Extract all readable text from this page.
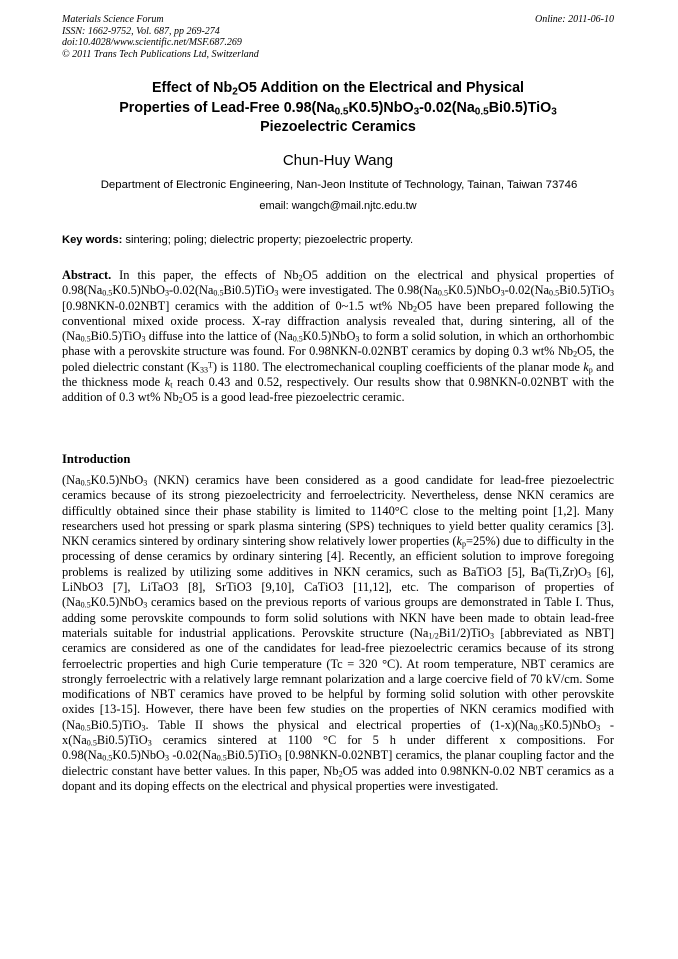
Materials Science Forum
ISSN: 1662-9752, Vol. 687, pp 269-274
doi:10.4028/www.scientific.net/MSF.687.269
© 2011 Trans Tech Publications Ltd, Switzerland
Online: 2011-06-10
Effect of $Nb_2O5$ Addition on the Electrical and Physical
Properties of Lead-Free $0.98(Na_{0.5}K0.5)NbO_3-0.02(Na_{0.5}Bi0.5)TiO_3$
Piezoelectric Ceramics
Chun-Huy Wang
Department of Electronic Engineering, Nan-Jeon Institute of Technology, Tainan, Taiwan 73746
email: wangch@mail.njtc.edu.tw
Key words: sintering; poling; dielectric property; piezoelectric property.
Abstract. In this paper, the effects of $Nb_2O5$ addition on the electrical and physical properties of $0.98(Na_{0.5}K0.5)NbO_3-0.02(Na_{0.5}Bi0.5)TiO_3$ were investigated. The $0.98(Na_{0.5}K0.5)NbO_3-0.02(Na_{0.5}Bi0.5)TiO_3$ [0.98NKN-0.02NBT] ceramics with the addition of 0~1.5 wt% $Nb_2O5$ have been prepared following the conventional mixed oxide process. X-ray diffraction analysis revealed that, during sintering, all of the $(Na_{0.5}Bi0.5)TiO_3$ diffuse into the lattice of $(Na_{0.5}K0.5)NbO_3$ to form a solid solution, in which an orthorhombic phase with a perovskite structure was found. For 0.98NKN-0.02NBT ceramics by doping 0.3 wt% $Nb_2O5$, the poled dielectric constant $(K_{33}^T)$ is 1180. The electromechanical coupling coefficients of the planar mode $k_p$ and the thickness mode $k_t$ reach 0.43 and 0.52, respectively. Our results show that 0.98NKN-0.02NBT with the addition of 0.3 wt% $Nb_2O5$ is a good lead-free piezoelectric ceramic.
Introduction
$(Na_{0.5}K0.5)NbO_3$ (NKN) ceramics have been considered as a good candidate for lead-free piezoelectric ceramics because of its strong piezoelectricity and ferroelectricity. Nevertheless, dense NKN ceramics are difficultly obtained since their phase stability is limited to 1140°C close to the melting point [1,2]. Many researchers used hot pressing or spark plasma sintering (SPS) techniques to yield better quality ceramics [3]. NKN ceramics sintered by ordinary sintering show relatively lower properties $(k_p=25\%)$ due to difficulty in the processing of dense ceramics by ordinary sintering [4]. Recently, an efficient solution to improve foregoing problems is realized by utilizing some additives in NKN ceramics, such as BaTiO3 [5], $Ba(Ti,Zr)O_3$ [6], LiNbO3 [7], LiTaO3 [8], SrTiO3 [9,10], CaTiO3 [11,12], etc. The comparison of properties of $(Na_{0.5}K0.5)NbO_3$ ceramics based on the previous reports of various groups are demonstrated in Table I. Thus, adding some perovskite compounds to form solid solutions with NKN have been made to obtain lead-free materials suitable for industrial applications. Perovskite structure $(Na_{1/2}Bi1/2)TiO_3$ [abbreviated as NBT] ceramics are considered as one of the candidates for lead-free piezoelectric ceramics because of its strong ferroelectric properties and high Curie temperature (Tc = 320 °C). At room temperature, NBT ceramics are strongly ferroelectric with a relatively large remnant polarization and a large coercive field of 70 kV/cm. Some modifications of NBT ceramics have proved to be helpful by forming solid solution with other perovskite oxides [13-15]. However, there have been few studies on the properties of NKN ceramics modified with $(Na_{0.5}Bi0.5)TiO_3$. Table II shows the physical and electrical properties of $(1-x)(Na_{0.5}K0.5)NbO_3$ $-x(Na_{0.5}Bi0.5)TiO_3$ ceramics sintered at 1100 °C for 5 h under different x compositions. For $0.98(Na_{0.5}K0.5)NbO_3$ $-0.02(Na_{0.5}Bi0.5)TiO_3$ [0.98NKN-0.02NBT] ceramics, the planar coupling factor and the dielectric constant have better values. In this paper, $Nb_2O5$ was added into 0.98NKN-0.02 NBT ceramics as a dopant and its doping effects on the electrical and physical properties were investigated.
